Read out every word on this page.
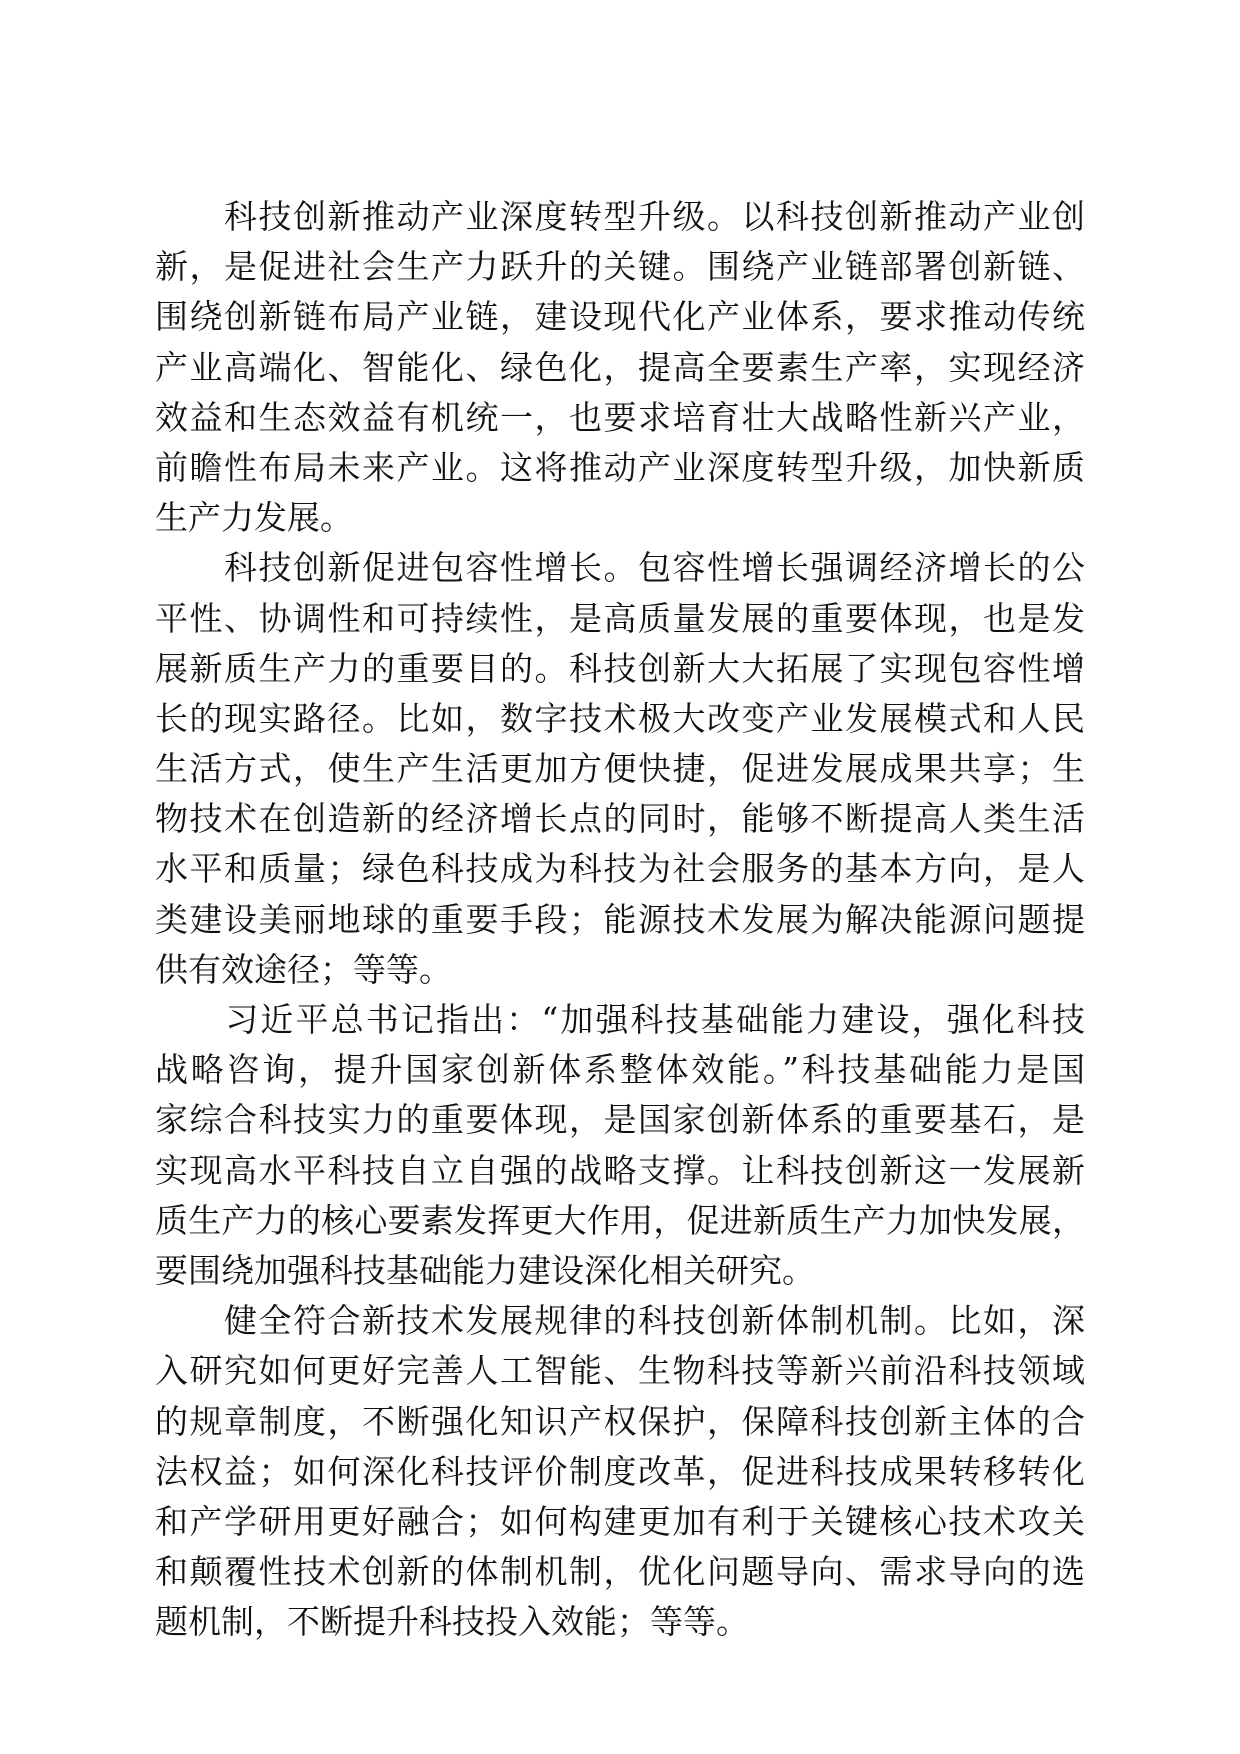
　　科技创新推动产业深度转型升级。以科技创新推动产业创
新，是促进社会生产力跃升的关键。围绕产业链部署创新链、
围绕创新链布局产业链，建设现代化产业体系，要求推动传统
产业高端化、智能化、绿色化，提高全要素生产率，实现经济
效益和生态效益有机统一，也要求培育壮大战略性新兴产业，
前瞻性布局未来产业。这将推动产业深度转型升级，加快新质
生产力发展。
　　科技创新促进包容性增长。包容性增长强调经济增长的公
平性、协调性和可持续性，是高质量发展的重要体现，也是发
展新质生产力的重要目的。科技创新大大拓展了实现包容性增
长的现实路径。比如，数字技术极大改变产业发展模式和人民
生活方式，使生产生活更加方便快捷，促进发展成果共享；生
物技术在创造新的经济增长点的同时，能够不断提高人类生活
水平和质量；绿色科技成为科技为社会服务的基本方向，是人
类建设美丽地球的重要手段；能源技术发展为解决能源问题提
供有效途径；等等。
　　习近平总书记指出：“加强科技基础能力建设，强化科技
战略咨询，提升国家创新体系整体效能。”科技基础能力是国
家综合科技实力的重要体现，是国家创新体系的重要基石，是
实现高水平科技自立自强的战略支撑。让科技创新这一发展新
质生产力的核心要素发挥更大作用，促进新质生产力加快发展，
要围绕加强科技基础能力建设深化相关研究。
　　健全符合新技术发展规律的科技创新体制机制。比如，深
入研究如何更好完善人工智能、生物科技等新兴前沿科技领域
的规章制度，不断强化知识产权保护，保障科技创新主体的合
法权益；如何深化科技评价制度改革，促进科技成果转移转化
和产学研用更好融合；如何构建更加有利于关键核心技术攻关
和颠覆性技术创新的体制机制，优化问题导向、需求导向的选
题机制，不断提升科技投入效能；等等。
